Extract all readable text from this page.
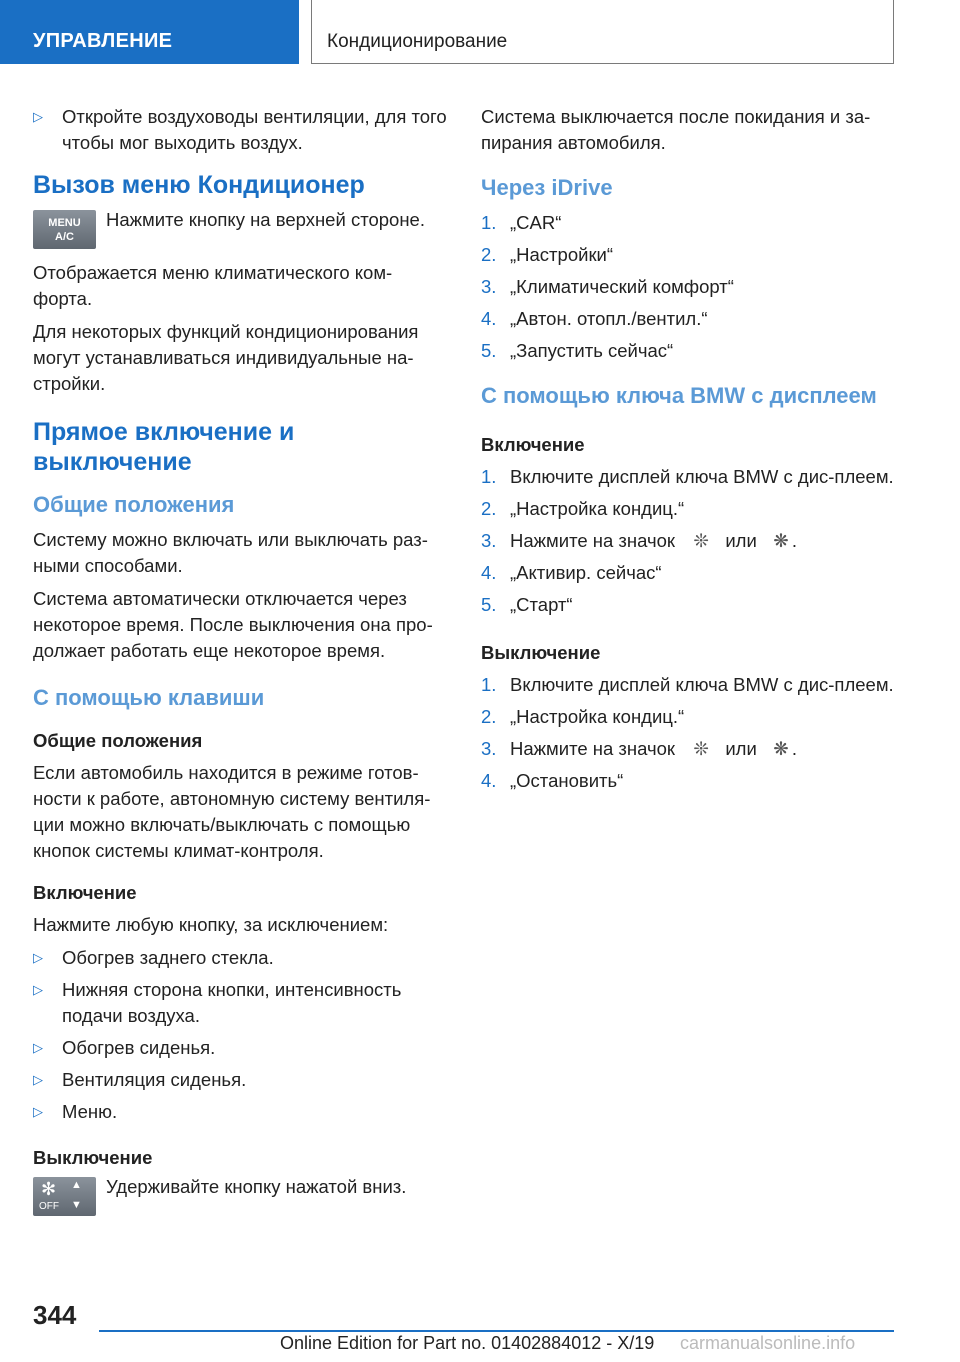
УПРАВЛЕНИЕ	Кондиционирование
▷ Откройте воздуховоды вентиляции, для того чтобы мог выходить воздух.
Вызов меню Кондиционер
MENU
A/C
Нажмите кнопку на верхней стороне.

Отображается меню климатического ком-форта.

Для некоторых функций кондиционирования могут устанавливаться индивидуальные на-стройки.

Прямое включение и выключение
Общие положения

Систему можно включать или выключать раз-ными способами.

Система автоматически отключается через некоторое время. После выключения она про-должает работать еще некоторое время.

С помощью клавиши
Общие положения

Если автомобиль находится в режиме готов-ности к работе, автономную систему вентиля-ции можно включать/выключать с помощью кнопок системы климат-контроля.

Включение

Нажмите любую кнопку, за исключением:

▷ Обогрев заднего стекла.
▷ Нижняя сторона кнопки, интенсивность подачи воздуха.
▷ Обогрев сиденья.
▷ Вентиляция сиденья.
▷ Меню.
Выключение
✻ ▲
▼
OFF
Удерживайте кнопку нажатой вниз.

Система выключается после покидания и за-пирания автомобиля.

Через iDrive
1. „CAR“
2. „Настройки“
3. „Климатический комфорт“
4. „Автон. отопл./вентил.“
5. „Запустить сейчас“
С помощью ключа BMW с дисплеем
Включение
1. Включите дисплей ключа BMW с дис-плеем.
2. „Настройка кондиц.“
3. Нажмите на значок ❊ или ❋ .
4. „Активир. сейчас“
5. „Старт“
Выключение
1. Включите дисплей ключа BMW с дис-плеем.
2. „Настройка кондиц.“
3. Нажмите на значок ❊ или ❋ .
4. „Остановить“
344
Online Edition for Part no. 01402884012 - X/19 carmanualsonline.info
